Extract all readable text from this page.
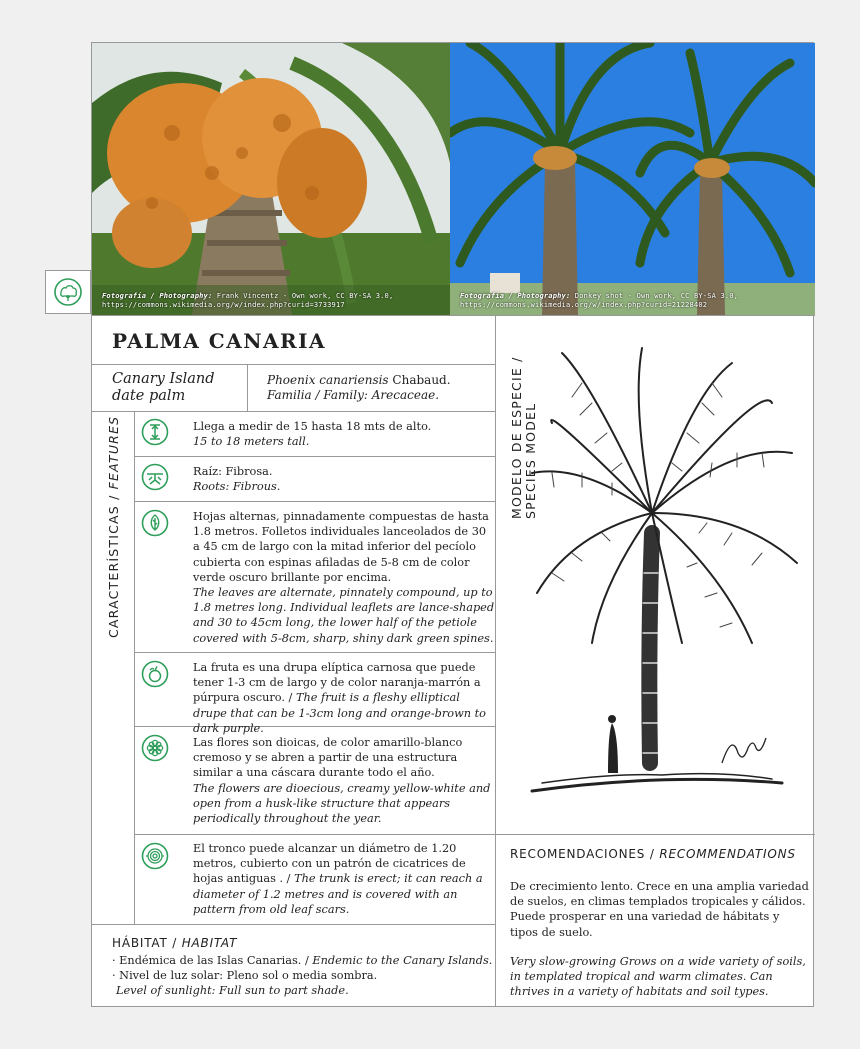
Fotografía / Photography: Frank Vincentz - Own work, CC BY-SA 3.0,
https://commons.wikimedia.org/w/index.php?curid=3733917
Fotografía / Photography: Donkey shot - Own work, CC BY-SA 3.0,
https://commons.wikimedia.org/w/index.php?curid=21228402
PALMA CANARIA
Canary Island date palm
Phoenix canariensis Chabaud.
Familia / Family: Arecaceae.
CARACTERÍSTICAS / FEATURES	MODELO DE ESPECIE /
SPECIES MODEL
Llega a medir de 15 hasta 18 mts de alto.
15 to 18 meters tall.
Raíz: Fibrosa.
Roots: Fibrous.
Hojas alternas, pinnadamente compuestas de hasta 1.8 metros. Folletos individuales lanceolados de 30 a 45 cm de largo con la mitad inferior del pecíolo cubierta con espinas afiladas de 5-8 cm de color verde oscuro brillante por encima.
The leaves are alternate, pinnately compound, up to 1.8 metres long. Individual leaflets are lance-shaped and 30 to 45cm long, the lower half of the petiole covered with 5-8cm, sharp, shiny dark green spines.
La fruta es una drupa elíptica carnosa que puede tener 1-3 cm de largo y de color naranja-marrón a púrpura oscuro. / The fruit is a fleshy elliptical drupe that can be 1-3cm long and orange-brown to dark purple.
Las flores son dioicas, de color amarillo-blanco cremoso y se abren a partir de una estructura similar a una cáscara durante todo el año.
The flowers are dioecious, creamy yellow-white and open from a husk-like structure that appears periodically throughout the year.
El tronco puede alcanzar un diámetro de 1.20 metros, cubierto con un patrón de cicatrices de hojas antiguas . / The trunk is erect; it can reach a diameter of 1.2 metres and is covered with an pattern from old leaf scars.
HÁBITAT / HABITAT
· Endémica de las Islas Canarias. / Endemic to the Canary Islands.
· Nivel de luz solar: Pleno sol o media sombra.
Level of sunlight: Full sun to part shade.
RECOMENDACIONES / RECOMMENDATIONS
De crecimiento lento. Crece en una amplia variedad de suelos, en climas templados tropicales y cálidos. Puede prosperar en una variedad de hábitats y tipos de suelo.
Very slow-growing Grows on a wide variety of soils, in templated tropical and warm climates. Can thrives in a variety of habitats and soil types.
